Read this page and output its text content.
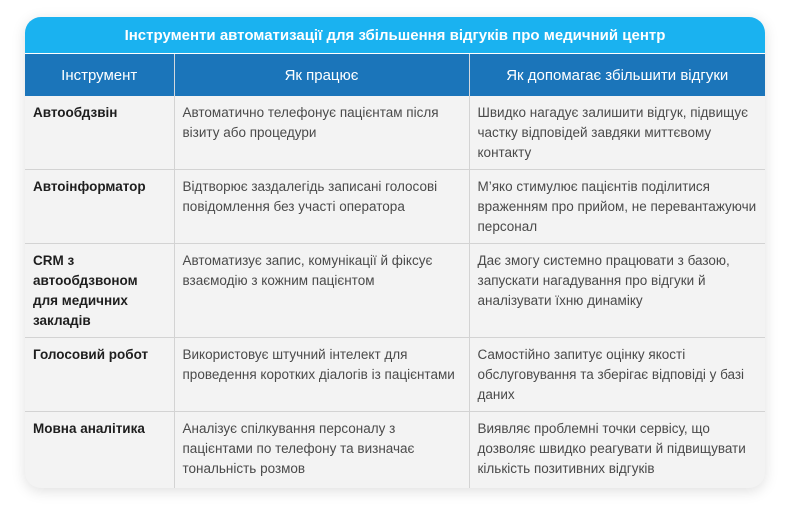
Інструменти автоматизації для збільшення відгуків про медичний центр
Інструмент	Як працює	Як допомагає збільшити відгуки
Автообдзвін	Автоматично телефонує пацієнтам після візиту або процедури	Швидко нагадує залишити відгук, підвищує частку відповідей завдяки миттєвому контакту
Автоінформатор	Відтворює заздалегідь записані голосові повідомлення без участі оператора	М’яко стимулює пацієнтів поділитися враженням про прийом, не перевантажуючи персонал
CRM з автообдзвоном для медичних закладів	Автоматизує запис, комунікації й фіксує взаємодію з кожним пацієнтом	Дає змогу системно працювати з базою, запускати нагадування про відгуки й аналізувати їхню динаміку
Голосовий робот	Використовує штучний інтелект для проведення коротких діалогів із пацієнтами	Самостійно запитує оцінку якості обслуговування та зберігає відповіді у базі даних
Мовна аналітика	Аналізує спілкування персоналу з пацієнтами по телефону та визначає тональність розмов	Виявляє проблемні точки сервісу, що дозволяє швидко реагувати й підвищувати кількість позитивних відгуків
